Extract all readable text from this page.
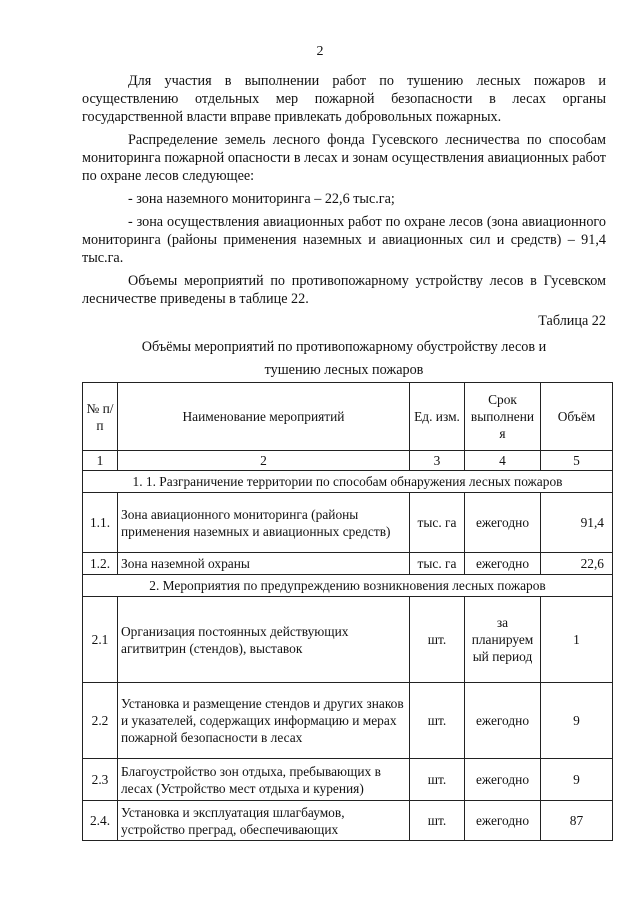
2

Для участия в выполнении работ по тушению лесных пожаров и осуществлению отдельных мер пожарной безопасности в лесах органы государственной власти вправе привлекать добровольных пожарных.

Распределение земель лесного фонда Гусевского лесничества по способам мониторинга пожарной опасности в лесах и зонам осуществления авиационных работ по охране лесов следующее:

- зона наземного мониторинга – 22,6 тыс.га;

- зона осуществления авиационных работ по охране лесов (зона авиационного мониторинга (районы применения наземных и авиационных сил и средств) – 91,4 тыс.га.

Объемы мероприятий по противопожарному устройству лесов в Гусевском лесничестве приведены в таблице 22.

Таблица 22
Объёмы мероприятий по противопожарному обустройству лесов и
тушению лесных пожаров
№ п/п	Наименование мероприятий	Ед. изм.	Срок выполнени я	Объём
1	2	3	4	5
1. 1. Разграничение территории по способам обнаружения лесных пожаров				
1.1.	Зона авиационного мониторинга (районы применения наземных и авиационных средств)	тыс. га	ежегодно	91,4
1.2.	Зона наземной охраны	тыс. га	ежегодно	22,6
2. Мероприятия по предупреждению возникновения лесных пожаров				
2.1	Организация постоянных действующих агитвитрин (стендов), выставок	шт.	за планируем ый период	1
2.2	Установка и размещение стендов и других знаков и указателей, содержащих информацию и мерах пожарной безопасности в лесах	шт.	ежегодно	9
2.3	Благоустройство зон отдыха, пребывающих в лесах (Устройство мест отдыха и курения)	шт.	ежегодно	9
2.4.	Установка и эксплуатация шлагбаумов, устройство преград, обеспечивающих	шт.	ежегодно	87
